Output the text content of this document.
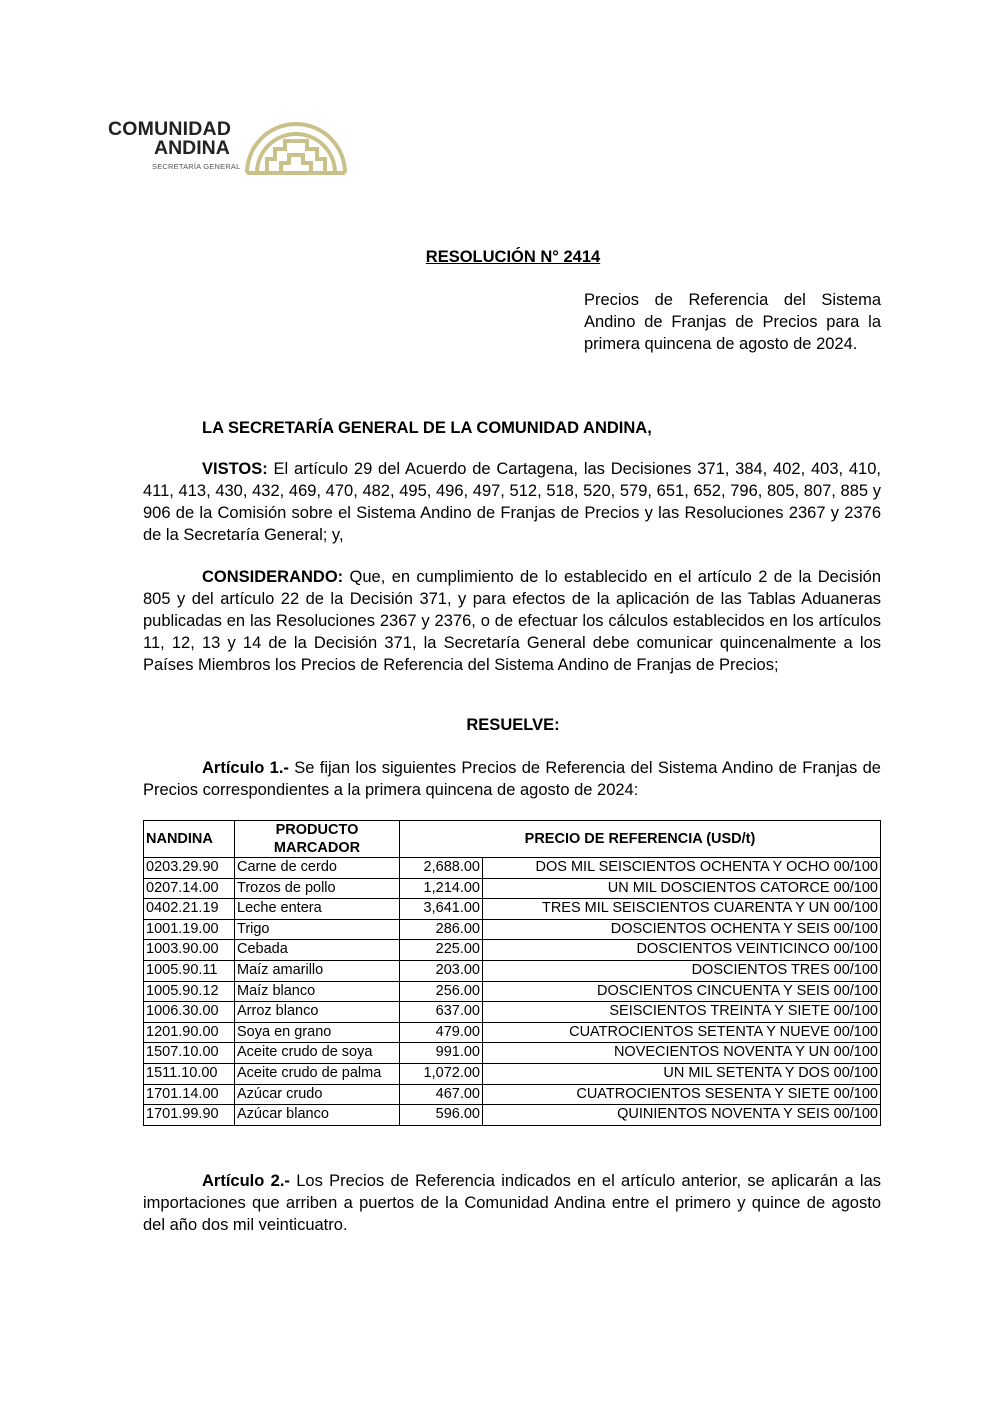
COMUNIDAD
ANDINA
SECRETARÍA GENERAL
RESOLUCIÓN N° 2414
Precios de Referencia del Sistema Andino de Franjas de Precios para la primera quincena de agosto de 2024.
LA SECRETARÍA GENERAL DE LA COMUNIDAD ANDINA,
VISTOS: El artículo 29 del Acuerdo de Cartagena, las Decisiones 371, 384, 402, 403, 410, 411, 413, 430, 432, 469, 470, 482, 495, 496, 497, 512, 518, 520, 579, 651, 652, 796, 805, 807, 885 y 906 de la Comisión sobre el Sistema Andino de Franjas de Precios y las Resoluciones 2367 y 2376 de la Secretaría General; y,
CONSIDERANDO: Que, en cumplimiento de lo establecido en el artículo 2 de la Decisión 805 y del artículo 22 de la Decisión 371, y para efectos de la aplicación de las Tablas Aduaneras publicadas en las Resoluciones 2367 y 2376, o de efectuar los cálculos establecidos en los artículos 11, 12, 13 y 14 de la Decisión 371, la Secretaría General debe comunicar quincenalmente a los Países Miembros los Precios de Referencia del Sistema Andino de Franjas de Precios;
RESUELVE:
Artículo 1.- Se fijan los siguientes Precios de Referencia del Sistema Andino de Franjas de Precios correspondientes a la primera quincena de agosto de 2024:
NANDINA	PRODUCTO MARCADOR	PRECIO DE REFERENCIA (USD/t)	
0203.29.90	Carne de cerdo	2,688.00	DOS MIL SEISCIENTOS OCHENTA Y OCHO 00/100
0207.14.00	Trozos de pollo	1,214.00	UN MIL DOSCIENTOS CATORCE 00/100
0402.21.19	Leche entera	3,641.00	TRES MIL SEISCIENTOS CUARENTA Y UN 00/100
1001.19.00	Trigo	286.00	DOSCIENTOS OCHENTA Y SEIS 00/100
1003.90.00	Cebada	225.00	DOSCIENTOS VEINTICINCO 00/100
1005.90.11	Maíz amarillo	203.00	DOSCIENTOS TRES 00/100
1005.90.12	Maíz blanco	256.00	DOSCIENTOS CINCUENTA Y SEIS 00/100
1006.30.00	Arroz blanco	637.00	SEISCIENTOS TREINTA Y SIETE 00/100
1201.90.00	Soya en grano	479.00	CUATROCIENTOS SETENTA Y NUEVE 00/100
1507.10.00	Aceite crudo de soya	991.00	NOVECIENTOS NOVENTA Y UN 00/100
1511.10.00	Aceite crudo de palma	1,072.00	UN MIL SETENTA Y DOS 00/100
1701.14.00	Azúcar crudo	467.00	CUATROCIENTOS SESENTA Y SIETE 00/100
1701.99.90	Azúcar blanco	596.00	QUINIENTOS NOVENTA Y SEIS 00/100
Artículo 2.- Los Precios de Referencia indicados en el artículo anterior, se aplicarán a las importaciones que arriben a puertos de la Comunidad Andina entre el primero y quince de agosto del año dos mil veinticuatro.
